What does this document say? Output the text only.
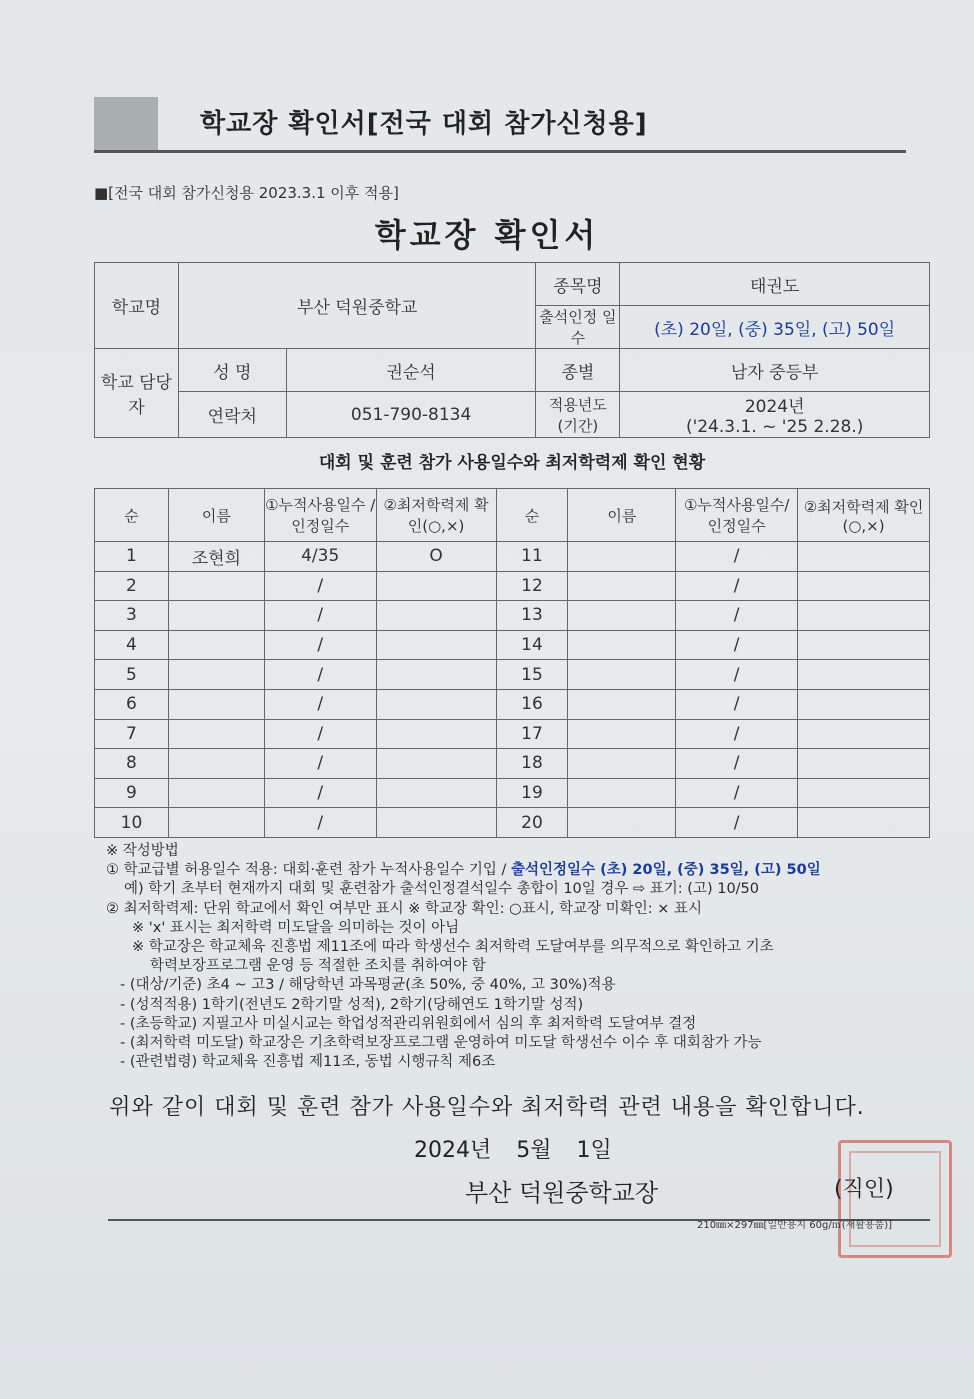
학교장 확인서[전국 대회 참가신청용]
■[전국 대회 참가신청용 2023.3.1 이후 적용]
학교장 확인서
학교명	부산 덕원중학교		종목명	태권도
			출석인정 일수	(초) 20일, (중) 35일, (고) 50일
학교 담당자	성 명	권순석	종별	남자 중등부
	연락처	051-790-8134	적용년도 (기간)	2024년
('24.3.1. ~ '25 2.28.)
대회 및 훈련 참가 사용일수와 최저학력제 확인 현황
순	이름	①누적사용일수 /인정일수	②최저학력제 확인(○,×)	순	이름	①누적사용일수/ 인정일수	②최저학력제 확인(○,×)
1	조현희	4/35	O	11		/	
2		/		12		/	
3		/		13		/	
4		/		14		/	
5		/		15		/	
6		/		16		/	
7		/		17		/	
8		/		18		/	
9		/		19		/	
10		/		20		/	
※ 작성방법
① 학교급별 허용일수 적용: 대회·훈련 참가 누적사용일수 기입 / 출석인정일수 (초) 20일, (중) 35일, (고) 50일
예) 학기 초부터 현재까지 대회 및 훈련참가 출석인정결석일수 총합이 10일 경우 ⇨ 표기: (고) 10/50
② 최저학력제: 단위 학교에서 확인 여부만 표시 ※ 학교장 확인: ○표시, 학교장 미확인: × 표시
※ 'x' 표시는 최저학력 미도달을 의미하는 것이 아님
※ 학교장은 학교체육 진흥법 제11조에 따라 학생선수 최저학력 도달여부를 의무적으로 확인하고 기초
학력보장프로그램 운영 등 적절한 조치를 취하여야 함
- (대상/기준) 초4 ~ 고3 / 해당학년 과목평균(초 50%, 중 40%, 고 30%)적용
- (성적적용) 1학기(전년도 2학기말 성적), 2학기(당해연도 1학기말 성적)
- (초등학교) 지필고사 미실시교는 학업성적관리위원회에서 심의 후 최저학력 도달여부 결정
- (최저학력 미도달) 학교장은 기초학력보장프로그램 운영하여 미도달 학생선수 이수 후 대회참가 가능
- (관련법령) 학교체육 진흥법 제11조, 동법 시행규칙 제6조
위와 같이 대회 및 훈련 참가 사용일수와 최저학력 관련 내용을 확인합니다.
2024년 5월 1일
부산 덕원중학교장	(직인)
210㎜×297㎜[일반용지 60g/㎡(재활용품)]
